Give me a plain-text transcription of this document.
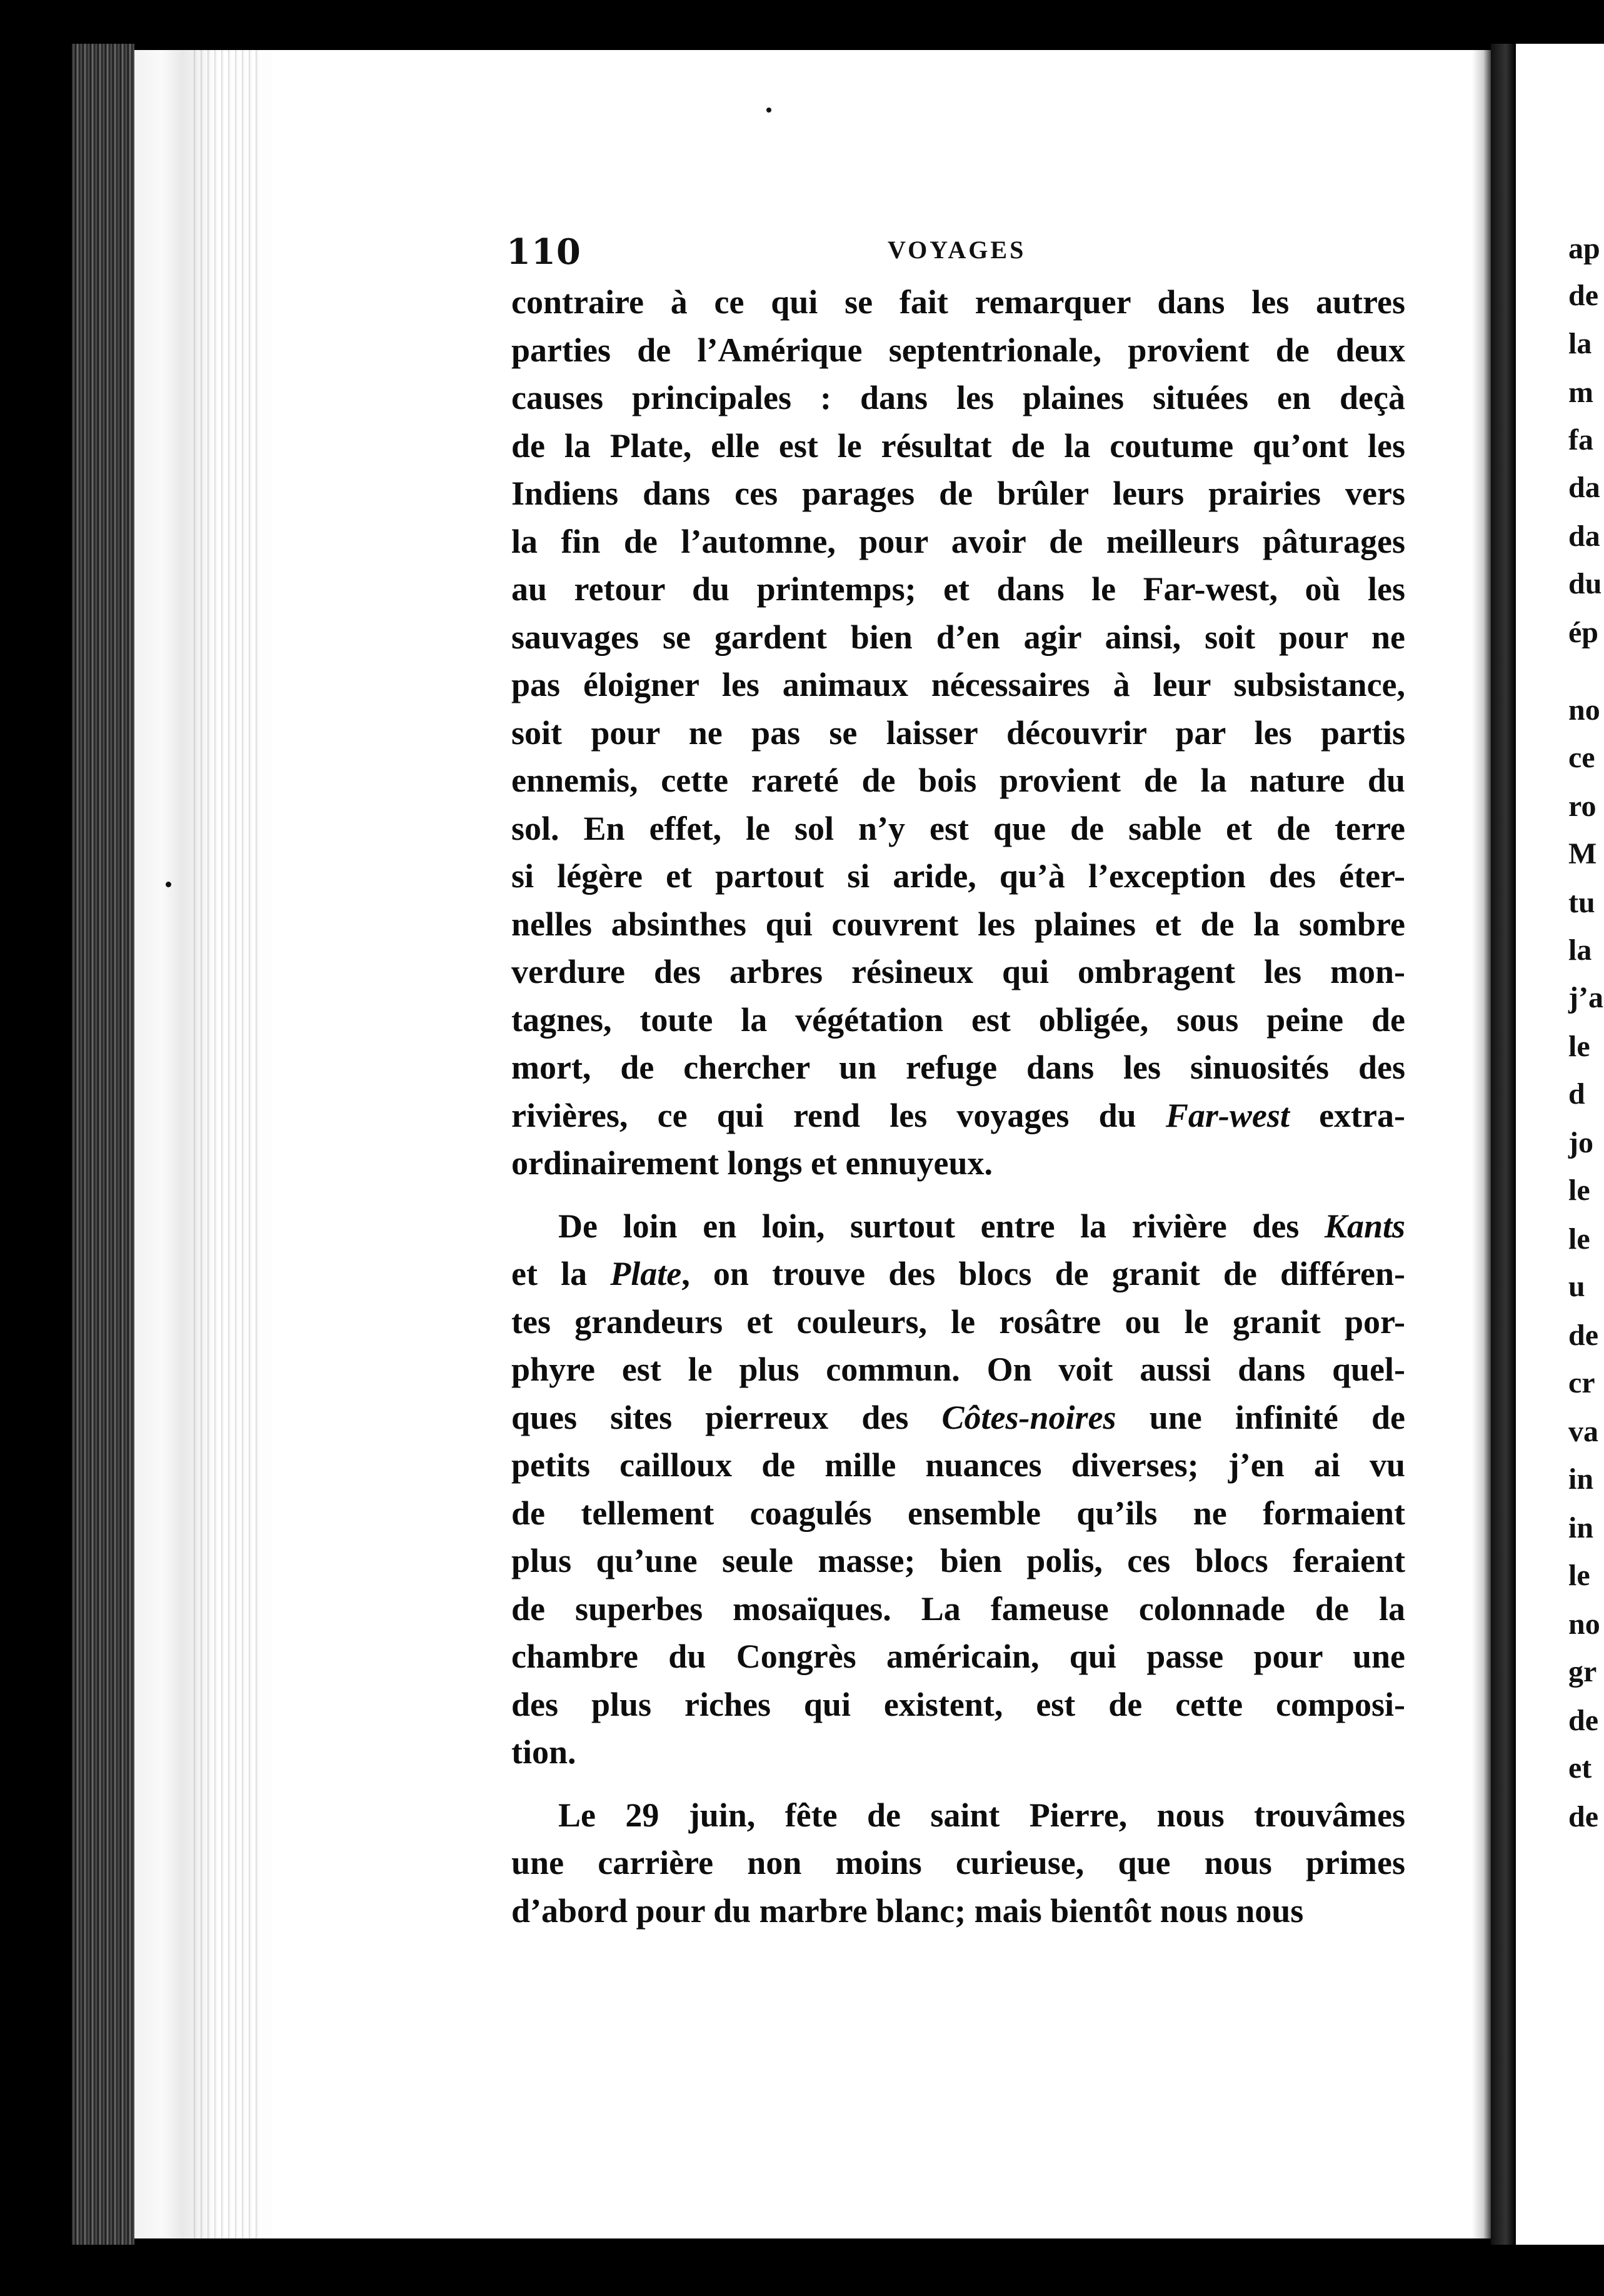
ap
de
la
m
fa
da
da
du
ép
no
ce
ro
M
tu
la
j’a
le
d
jo
le
le
u
de
cr
va
in
in
le
no
gr
de
et
de
110	VOYAGES
contraire à ce qui se fait remarquer dans les autres
parties de l’Amérique septentrionale, provient de deux
causes principales : dans les plaines situées en deçà
de la Plate, elle est le résultat de la coutume qu’ont les
Indiens dans ces parages de brûler leurs prairies vers
la fin de l’automne, pour avoir de meilleurs pâturages
au retour du printemps; et dans le Far-west, où les
sauvages se gardent bien d’en agir ainsi, soit pour ne
pas éloigner les animaux nécessaires à leur subsistance,
soit pour ne pas se laisser découvrir par les partis
ennemis, cette rareté de bois provient de la nature du
sol. En effet, le sol n’y est que de sable et de terre
si légère et partout si aride, qu’à l’exception des éter-
nelles absinthes qui couvrent les plaines et de la sombre
verdure des arbres résineux qui ombragent les mon-
tagnes, toute la végétation est obligée, sous peine de
mort, de chercher un refuge dans les sinuosités des
rivières, ce qui rend les voyages du Far-west extra-
ordinairement longs et ennuyeux.
De loin en loin, surtout entre la rivière des Kants
et la Plate, on trouve des blocs de granit de différen-
tes grandeurs et couleurs, le rosâtre ou le granit por-
phyre est le plus commun. On voit aussi dans quel-
ques sites pierreux des Côtes-noires une infinité de
petits cailloux de mille nuances diverses; j’en ai vu
de tellement coagulés ensemble qu’ils ne formaient
plus qu’une seule masse; bien polis, ces blocs feraient
de superbes mosaïques. La fameuse colonnade de la
chambre du Congrès américain, qui passe pour une
des plus riches qui existent, est de cette composi-
tion.
Le 29 juin, fête de saint Pierre, nous trouvâmes
une carrière non moins curieuse, que nous primes
d’abord pour du marbre blanc; mais bientôt nous nous
